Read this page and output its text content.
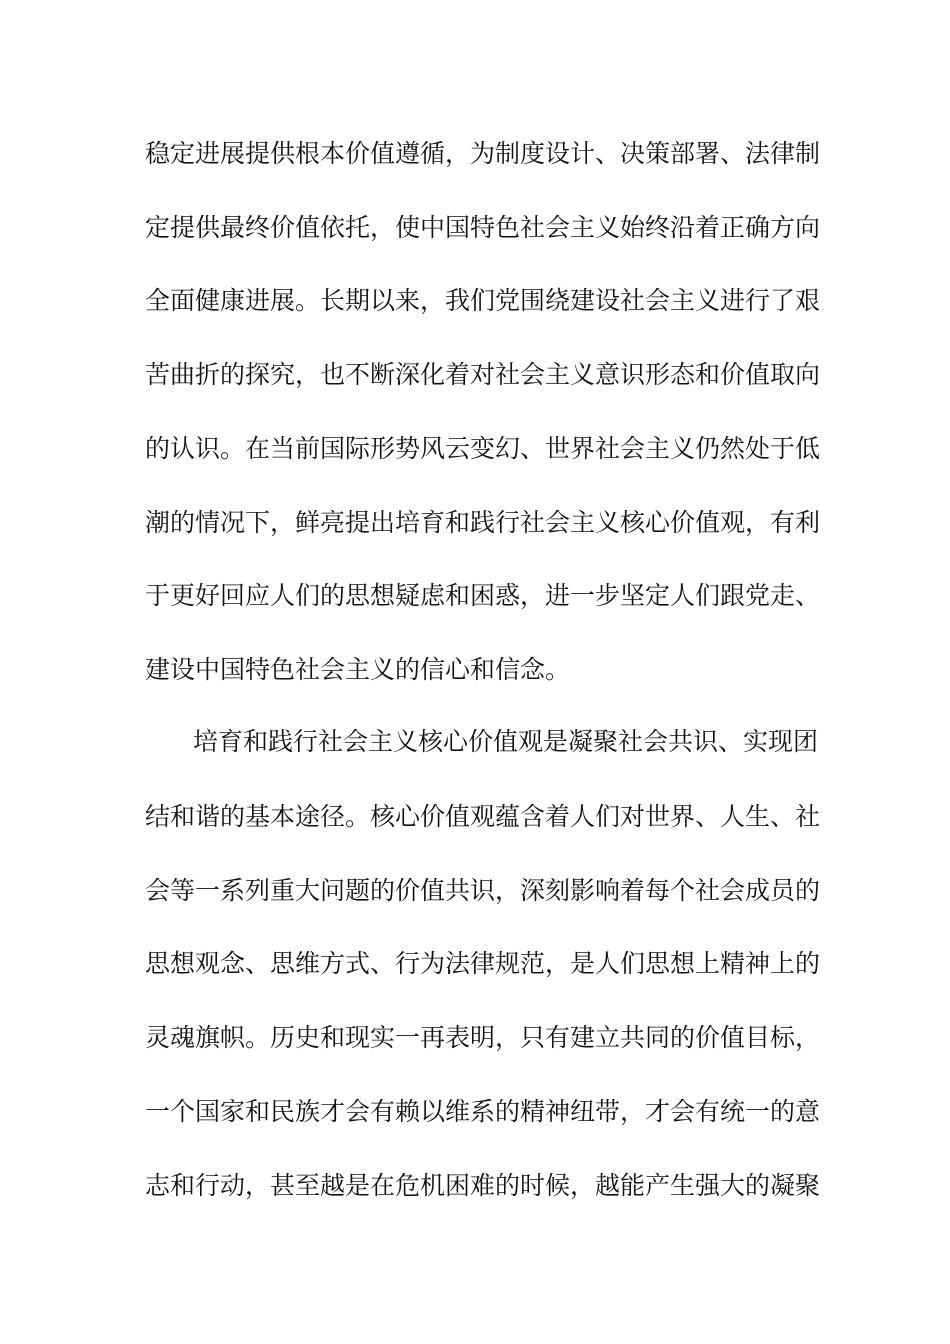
稳定进展提供根本价值遵循，为制度设计、决策部署、法律制
定提供最终价值依托，使中国特色社会主义始终沿着正确方向
全面健康进展。长期以来，我们党围绕建设社会主义进行了艰
苦曲折的探究，也不断深化着对社会主义意识形态和价值取向
的认识。在当前国际形势风云变幻、世界社会主义仍然处于低
潮的情况下，鲜亮提出培育和践行社会主义核心价值观，有利
于更好回应人们的思想疑虑和困惑，进一步坚定人们跟党走、
建设中国特色社会主义的信心和信念。
培育和践行社会主义核心价值观是凝聚社会共识、实现团
结和谐的基本途径。核心价值观蕴含着人们对世界、人生、社
会等一系列重大问题的价值共识，深刻影响着每个社会成员的
思想观念、思维方式、行为法律规范，是人们思想上精神上的
灵魂旗帜。历史和现实一再表明，只有建立共同的价值目标，
一个国家和民族才会有赖以维系的精神纽带，才会有统一的意
志和行动，甚至越是在危机困难的时候，越能产生强大的凝聚
